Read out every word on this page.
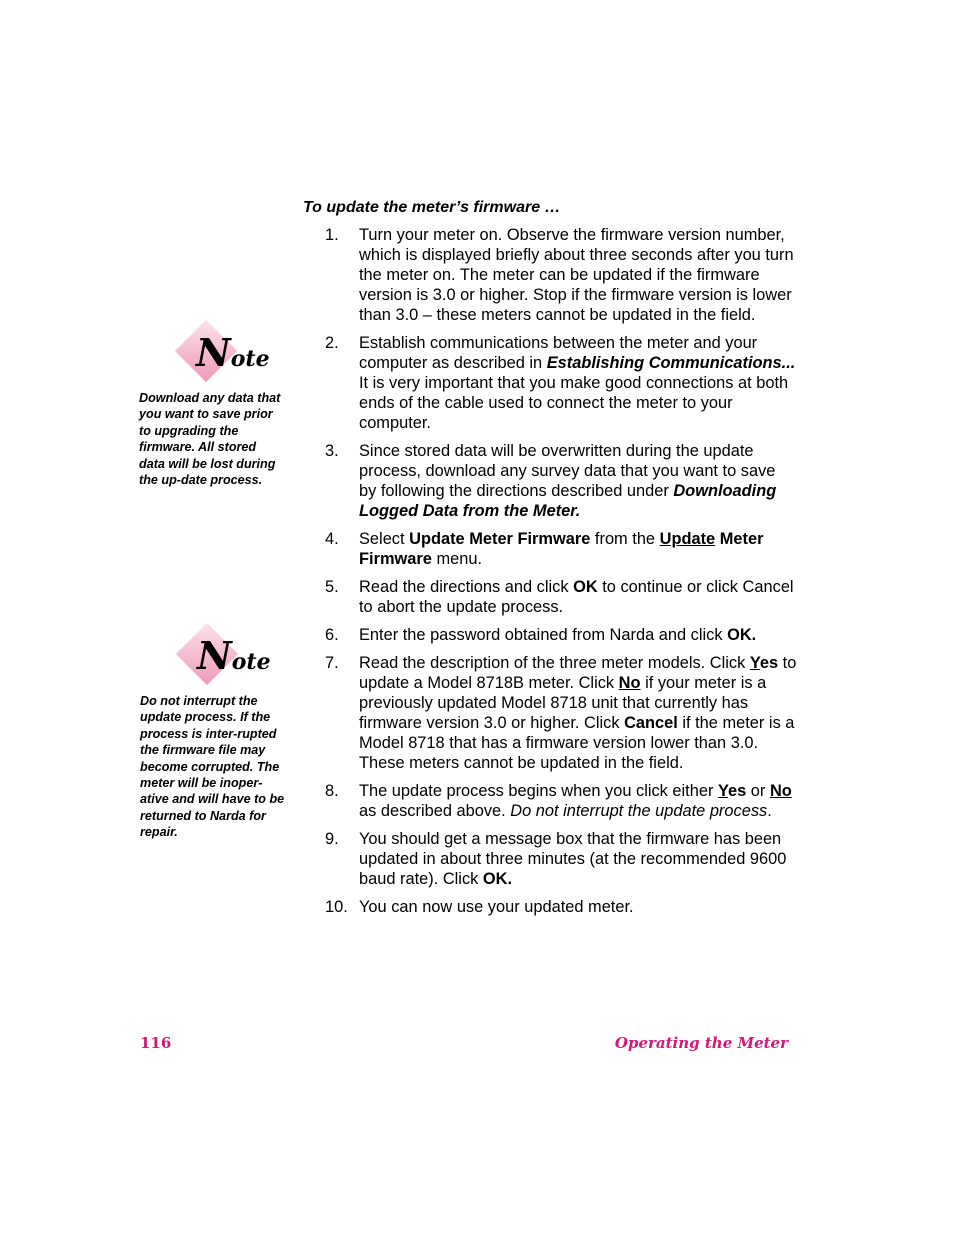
To update the meter’s firmware …
1. Turn your meter on. Observe the firmware version number, which is displayed briefly about three seconds after you turn the meter on. The meter can be updated if the firmware version is 3.0 or higher. Stop if the firmware version is lower than 3.0 – these meters cannot be updated in the field.
2. Establish communications between the meter and your computer as described in Establishing Communications... It is very important that you make good connections at both ends of the cable used to connect the meter to your computer.
3. Since stored data will be overwritten during the update process, download any survey data that you want to save by following the directions described under Downloading Logged Data from the Meter.
4. Select Update Meter Firmware from the Update Meter Firmware menu.
5. Read the directions and click OK to continue or click Cancel to abort the update process.
6. Enter the password obtained from Narda and click OK.
7. Read the description of the three meter models. Click Yes to update a Model 8718B meter. Click No if your meter is a previously updated Model 8718 unit that currently has firmware version 3.0 or higher. Click Cancel if the meter is a Model 8718 that has a firmware version lower than 3.0. These meters cannot be updated in the field.
8. The update process begins when you click either Yes or No as described above. Do not interrupt the update process.
9. You should get a message box that the firmware has been updated in about three minutes (at the recommended 9600 baud rate). Click OK.
10. You can now use your updated meter.
Note

Download any data that you want to save prior to upgrading the firmware. All stored data will be lost during the up-date process.

Note

Do not interrupt the update process. If the process is inter-rupted the firmware file may become corrupted. The meter will be inoper-ative and will have to be returned to Narda for repair.

116	Operating the Meter
